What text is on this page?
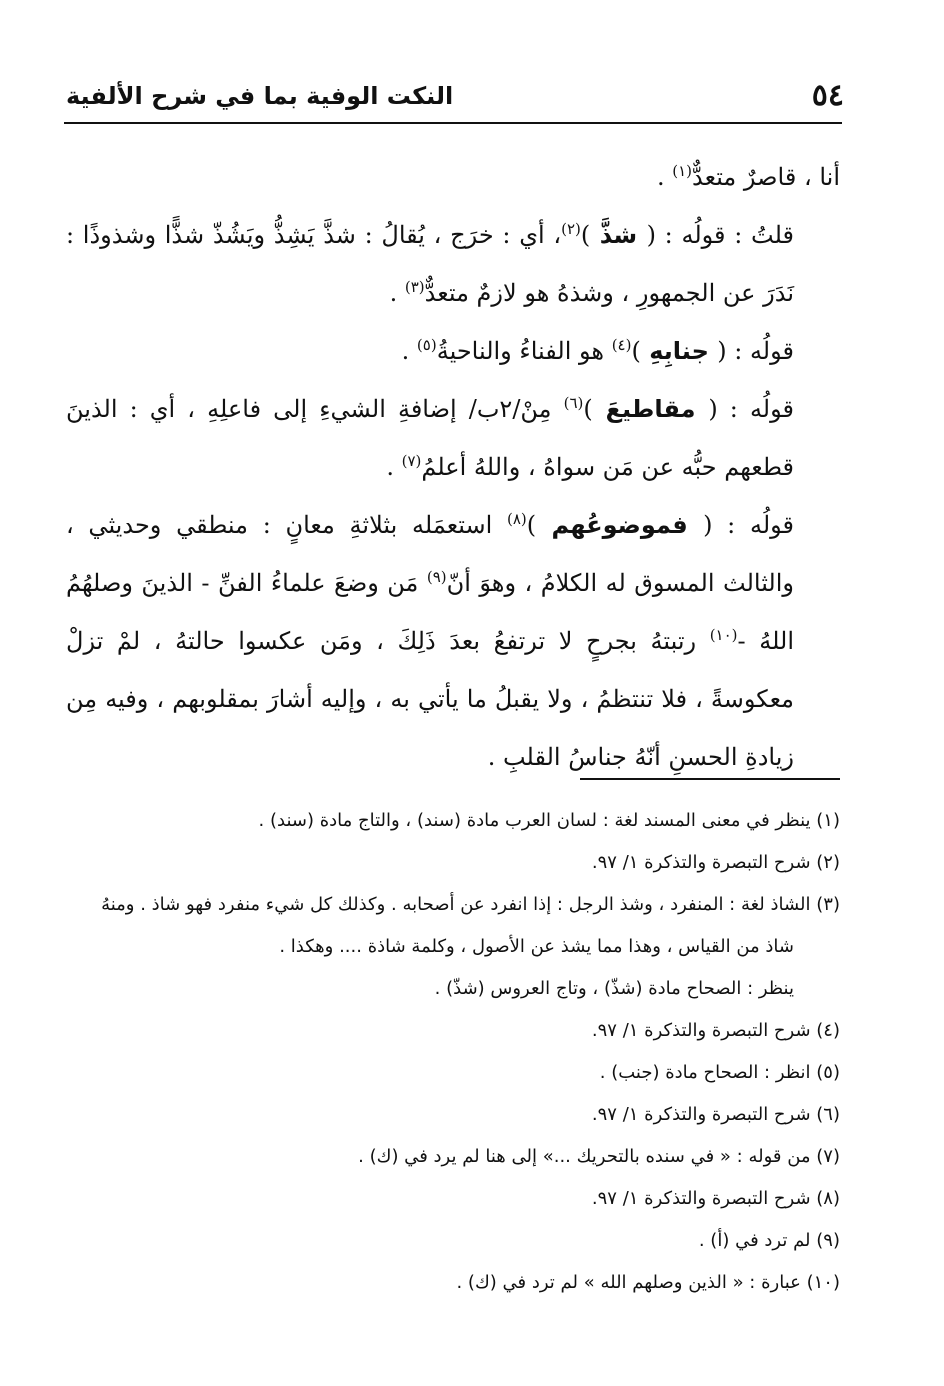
٥٤
النكت الوفية بما في شرح الألفية

أنا ، قاصرٌ متعدٌّ$^{(١)}$ .

قلتُ : قولُه : ( شذَّ )$^{(٢)}$، أي : خرَج ، يُقالُ : شذَّ يَشِذُّ ويَشُذّ شذًّا وشذوذًا : نَدَرَ عن الجمهورِ ، وشذهُ هو لازمٌ متعدٌّ$^{(٣)}$ .

قولُه : ( جنابِهِ )$^{(٤)}$ هو الفناءُ والناحيةُ$^{(٥)}$ .

قولُه : ( مقاطيعَ )$^{(٦)}$ مِنْ/٢ب/ إضافةِ الشيءِ إلى فاعلِهِ ، أي : الذينَ قطعهم حبُّه عن مَن سواهُ ، واللهُ أعلمُ$^{(٧)}$ .

قولُه : ( فموضوعُهم )$^{(٨)}$ استعمَله بثلاثةِ معانٍ : منطقي وحديثي ، والثالث المسوق له الكلامُ ، وهوَ أنّ$^{(٩)}$ مَن وضعَ علماءُ الفنِّ - الذينَ وصلهُمُ اللهُ -$^{(١٠)}$ رتبتهُ بجرحٍ لا ترتفعُ بعدَ ذَلِكَ ، ومَن عكسوا حالتهُ ، لمْ تزلْ معكوسةً ، فلا تنتظمُ ، ولا يقبلُ ما يأتي به ، وإليه أشارَ بمقلوبهم ، وفيه مِن زيادةِ الحسنِ أنّهُ جناسُ القلبِ .

(١) ينظر في معنى المسند لغة : لسان العرب مادة (سند) ، والتاج مادة (سند) .

(٢) شرح التبصرة والتذكرة ١/ ٩٧.

(٣) الشاذ لغة : المنفرد ، وشذ الرجل : إذا انفرد عن أصحابه . وكذلك كل شيء منفرد فهو شاذ . ومنهُ

شاذ من القياس ، وهذا مما يشذ عن الأصول ، وكلمة شاذة .... وهكذا .

ينظر : الصحاح مادة (شذّ) ، وتاج العروس (شذّ) .

(٤) شرح التبصرة والتذكرة ١/ ٩٧.

(٥) انظر : الصحاح مادة (جنب) .

(٦) شرح التبصرة والتذكرة ١/ ٩٧.

(٧) من قوله : « في سنده بالتحريك ...» إلى هنا لم يرد في (ك) .

(٨) شرح التبصرة والتذكرة ١/ ٩٧.

(٩) لم ترد في (أ) .

(١٠) عبارة : « الذين وصلهم الله » لم ترد في (ك) .
